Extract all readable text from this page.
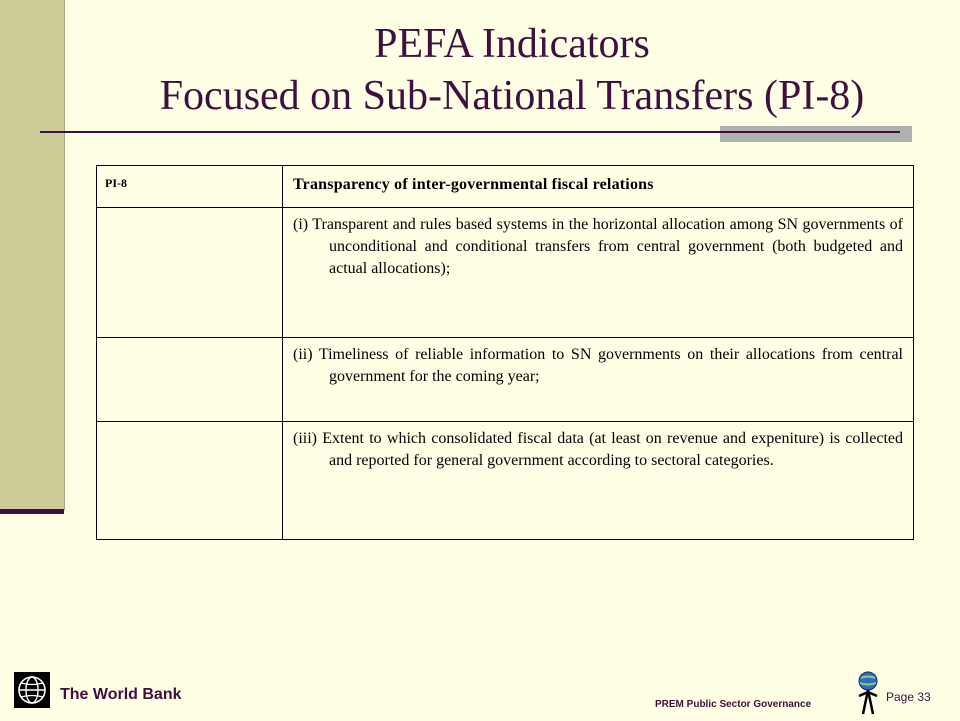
PEFA Indicators
Focused on Sub-National Transfers (PI-8)
PI-8	Transparency of inter-governmental fiscal relations
	(i) Transparent and rules based systems in the horizontal allocation among SN governments of unconditional and conditional transfers from central government (both budgeted and actual allocations);
	(ii) Timeliness of reliable information to SN governments on their allocations from central government for the coming year;
	(iii) Extent to which consolidated fiscal data (at least on revenue and expeniture) is collected and reported for general government according to sectoral categories.
The World Bank
PREM Public Sector Governance
Page 33
